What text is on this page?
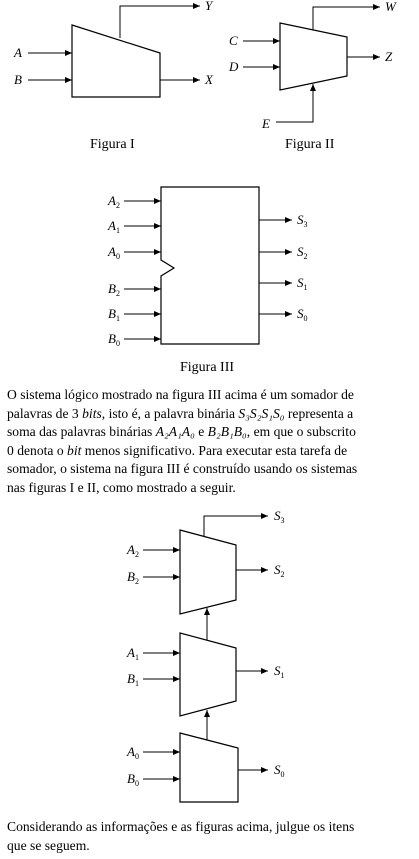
A
B
Y
X
Figura I
C
D
E
W
Z
Figura II
$A_2$
$A_1$
$A_0$
$B_2$
$B_1$
$B_0$
$S_3$
$S_2$
$S_1$
$S_0$
Figura III
$A_2$
$B_2$
$A_1$
$B_1$
$A_0$
$B_0$
$S_3$
$S_2$
$S_1$
$S_0$
O sistema lógico mostrado na figura III acima é um somador de
palavras de 3 bits, isto é, a palavra binária S₃S₂S₁S₀ representa a
soma das palavras binárias A₂A₁A₀ e B₂B₁B₀, em que o subscrito
0 denota o bit menos significativo. Para executar esta tarefa de
somador, o sistema na figura III é construído usando os sistemas
nas figuras I e II, como mostrado a seguir.
Considerando as informações e as figuras acima, julgue os itens
que se seguem.
